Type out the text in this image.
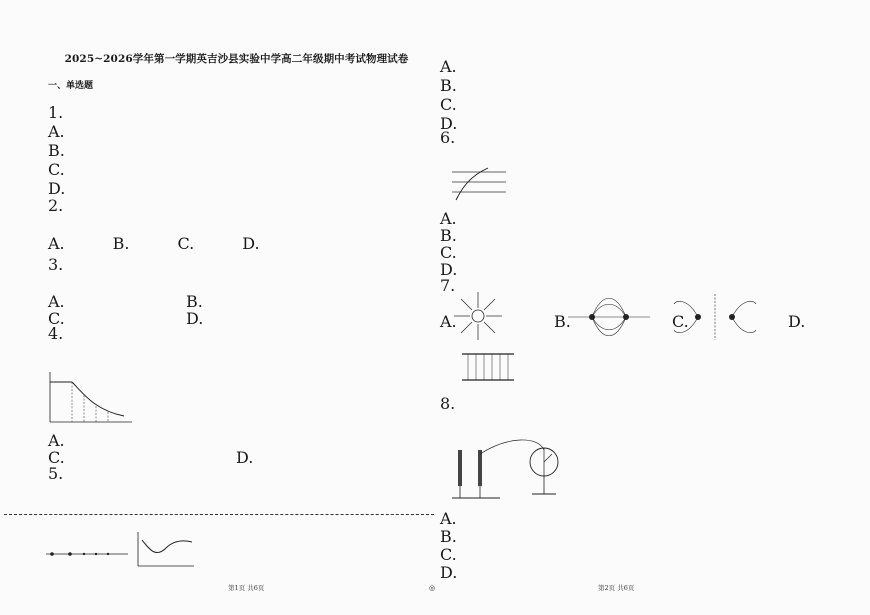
2025~2026学年第一学期英吉沙县实验中学高二年级期中考试物理试卷
一、单选题
1.
A.
B.
C.
D.
2.
A.	B.	C.	D.
3.
A.	B.
C.	D.
4.
A.
C.	D.
5.
第1页 共6页	◎
A.
B.
C.
D.
6.
A.
B.
C.
D.
7.
A.	B.	C.	D.
8.
A.
B.
C.
D.
第2页 共6页
